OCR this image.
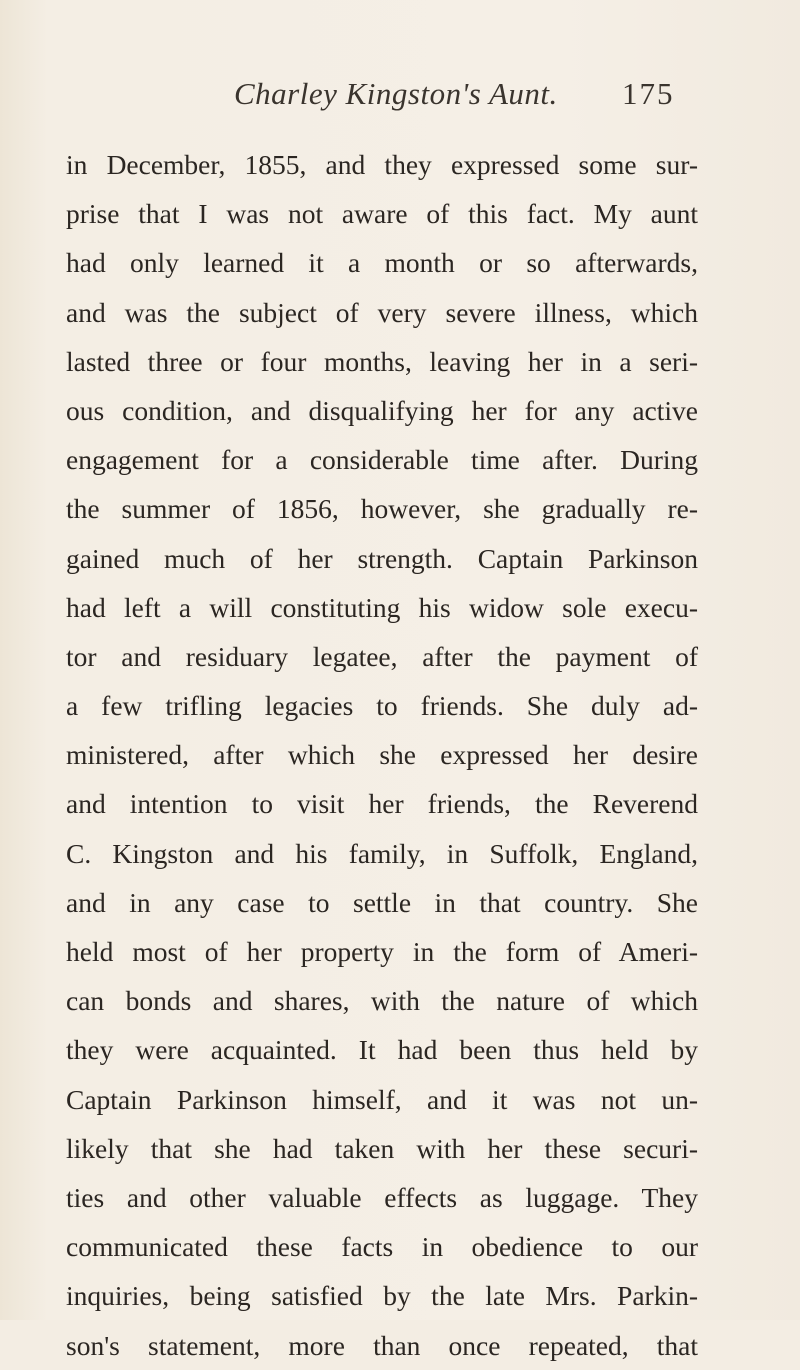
Charley Kingston's Aunt. 175
in December, 1855, and they expressed some sur-
prise that I was not aware of this fact. My aunt
had only learned it a month or so afterwards,
and was the subject of very severe illness, which
lasted three or four months, leaving her in a seri-
ous condition, and disqualifying her for any active
engagement for a considerable time after. During
the summer of 1856, however, she gradually re-
gained much of her strength. Captain Parkinson
had left a will constituting his widow sole execu-
tor and residuary legatee, after the payment of
a few trifling legacies to friends. She duly ad-
ministered, after which she expressed her desire
and intention to visit her friends, the Reverend
C. Kingston and his family, in Suffolk, England,
and in any case to settle in that country. She
held most of her property in the form of Ameri-
can bonds and shares, with the nature of which
they were acquainted. It had been thus held by
Captain Parkinson himself, and it was not un-
likely that she had taken with her these securi-
ties and other valuable effects as luggage. They
communicated these facts in obedience to our
inquiries, being satisfied by the late Mrs. Parkin-
son's statement, more than once repeated, that
